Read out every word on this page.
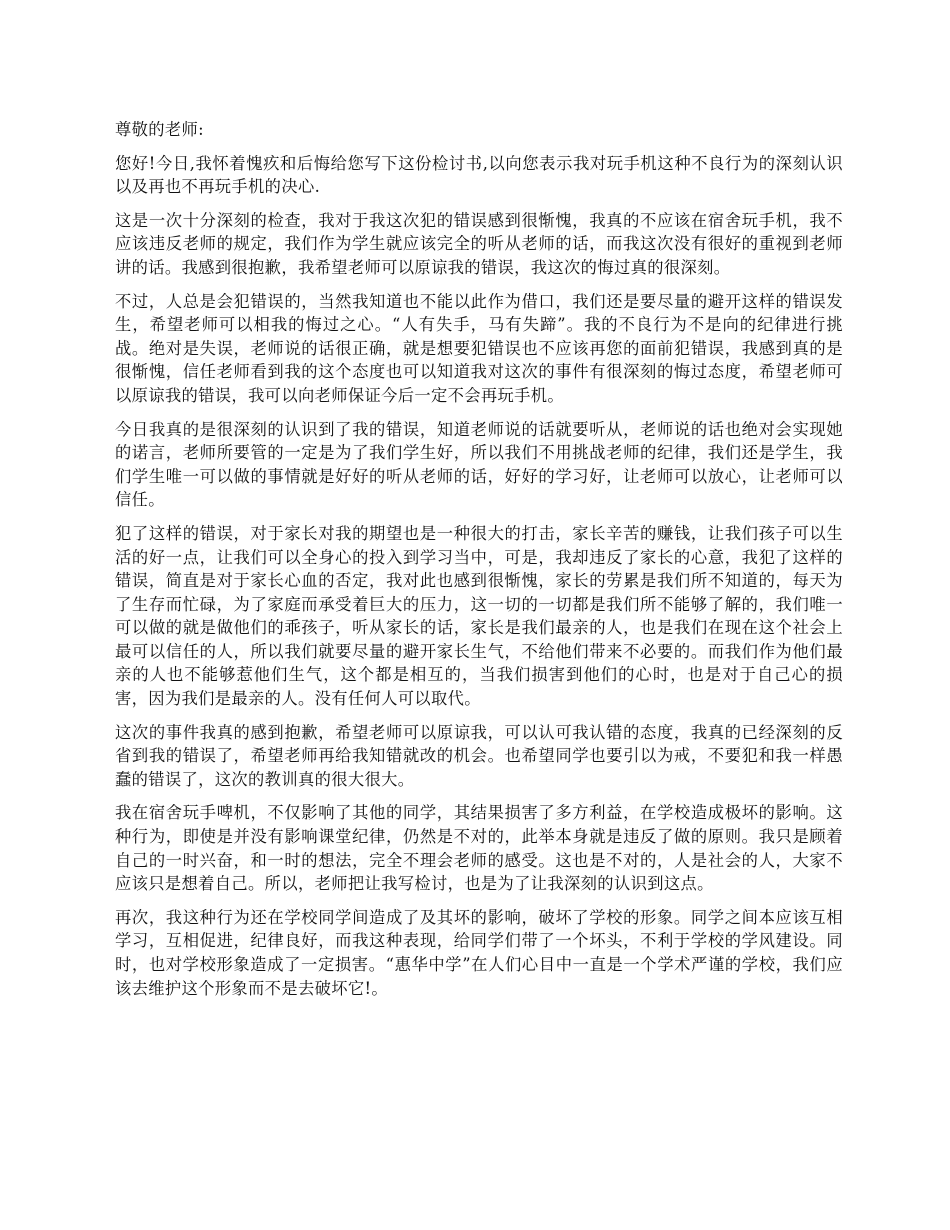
尊敬的老师:

您好!今日,我怀着愧疚和后悔给您写下这份检讨书,以向您表示我对玩手机这种不良行为的深刻认识以及再也不再玩手机的决心.

这是一次十分深刻的检查，我对于我这次犯的错误感到很惭愧，我真的不应该在宿舍玩手机，我不应该违反老师的规定，我们作为学生就应该完全的听从老师的话，而我这次没有很好的重视到老师讲的话。我感到很抱歉，我希望老师可以原谅我的错误，我这次的悔过真的很深刻。

不过，人总是会犯错误的，当然我知道也不能以此作为借口，我们还是要尽量的避开这样的错误发生，希望老师可以相我的悔过之心。“人有失手，马有失蹄”。我的不良行为不是向的纪律进行挑战。绝对是失误，老师说的话很正确，就是想要犯错误也不应该再您的面前犯错误，我感到真的是很惭愧，信任老师看到我的这个态度也可以知道我对这次的事件有很深刻的悔过态度，希望老师可以原谅我的错误，我可以向老师保证今后一定不会再玩手机。

今日我真的是很深刻的认识到了我的错误，知道老师说的话就要听从，老师说的话也绝对会实现她的诺言，老师所要管的一定是为了我们学生好，所以我们不用挑战老师的纪律，我们还是学生，我们学生唯一可以做的事情就是好好的听从老师的话，好好的学习好，让老师可以放心，让老师可以信任。

犯了这样的错误，对于家长对我的期望也是一种很大的打击，家长辛苦的赚钱，让我们孩子可以生活的好一点，让我们可以全身心的投入到学习当中，可是，我却违反了家长的心意，我犯了这样的错误，简直是对于家长心血的否定，我对此也感到很惭愧，家长的劳累是我们所不知道的，每天为了生存而忙碌，为了家庭而承受着巨大的压力，这一切的一切都是我们所不能够了解的，我们唯一可以做的就是做他们的乖孩子，听从家长的话，家长是我们最亲的人，也是我们在现在这个社会上最可以信任的人，所以我们就要尽量的避开家长生气，不给他们带来不必要的。而我们作为他们最亲的人也不能够惹他们生气，这个都是相互的，当我们损害到他们的心时，也是对于自己心的损害，因为我们是最亲的人。没有任何人可以取代。

这次的事件我真的感到抱歉，希望老师可以原谅我，可以认可我认错的态度，我真的已经深刻的反省到我的错误了，希望老师再给我知错就改的机会。也希望同学也要引以为戒，不要犯和我一样愚蠢的错误了，这次的教训真的很大很大。

我在宿舍玩手啤机，不仅影响了其他的同学，其结果损害了多方利益，在学校造成极坏的影响。这种行为，即使是并没有影响课堂纪律，仍然是不对的，此举本身就是违反了做的原则。我只是顾着自己的一时兴奋，和一时的想法，完全不理会老师的感受。这也是不对的，人是社会的人，大家不应该只是想着自己。所以，老师把让我写检讨，也是为了让我深刻的认识到这点。

再次，我这种行为还在学校同学间造成了及其坏的影响，破坏了学校的形象。同学之间本应该互相学习，互相促进，纪律良好，而我这种表现，给同学们带了一个坏头，不利于学校的学风建设。同时，也对学校形象造成了一定损害。“惠华中学”在人们心目中一直是一个学术严谨的学校，我们应该去维护这个形象而不是去破坏它!。
